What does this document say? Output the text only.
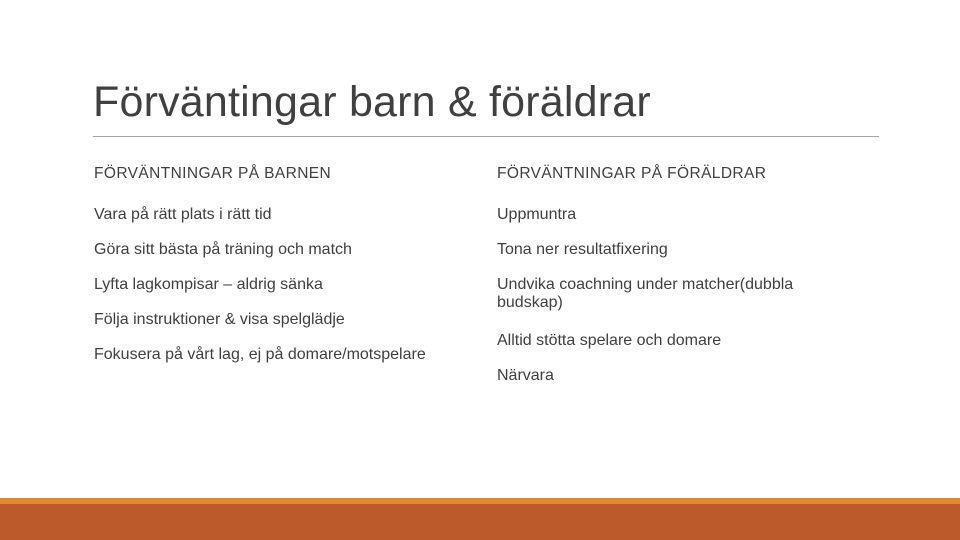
Förväntingar barn & föräldrar
FÖRVÄNTNINGAR PÅ BARNEN
Vara på rätt plats i rätt tid
Göra sitt bästa på träning och match
Lyfta lagkompisar – aldrig sänka
Följa instruktioner & visa spelglädje
Fokusera på vårt lag, ej på domare/motspelare
FÖRVÄNTNINGAR PÅ FÖRÄLDRAR
Uppmuntra
Tona ner resultatfixering
Undvika coachning under matcher(dubbla budskap)
Alltid stötta spelare och domare
Närvara
